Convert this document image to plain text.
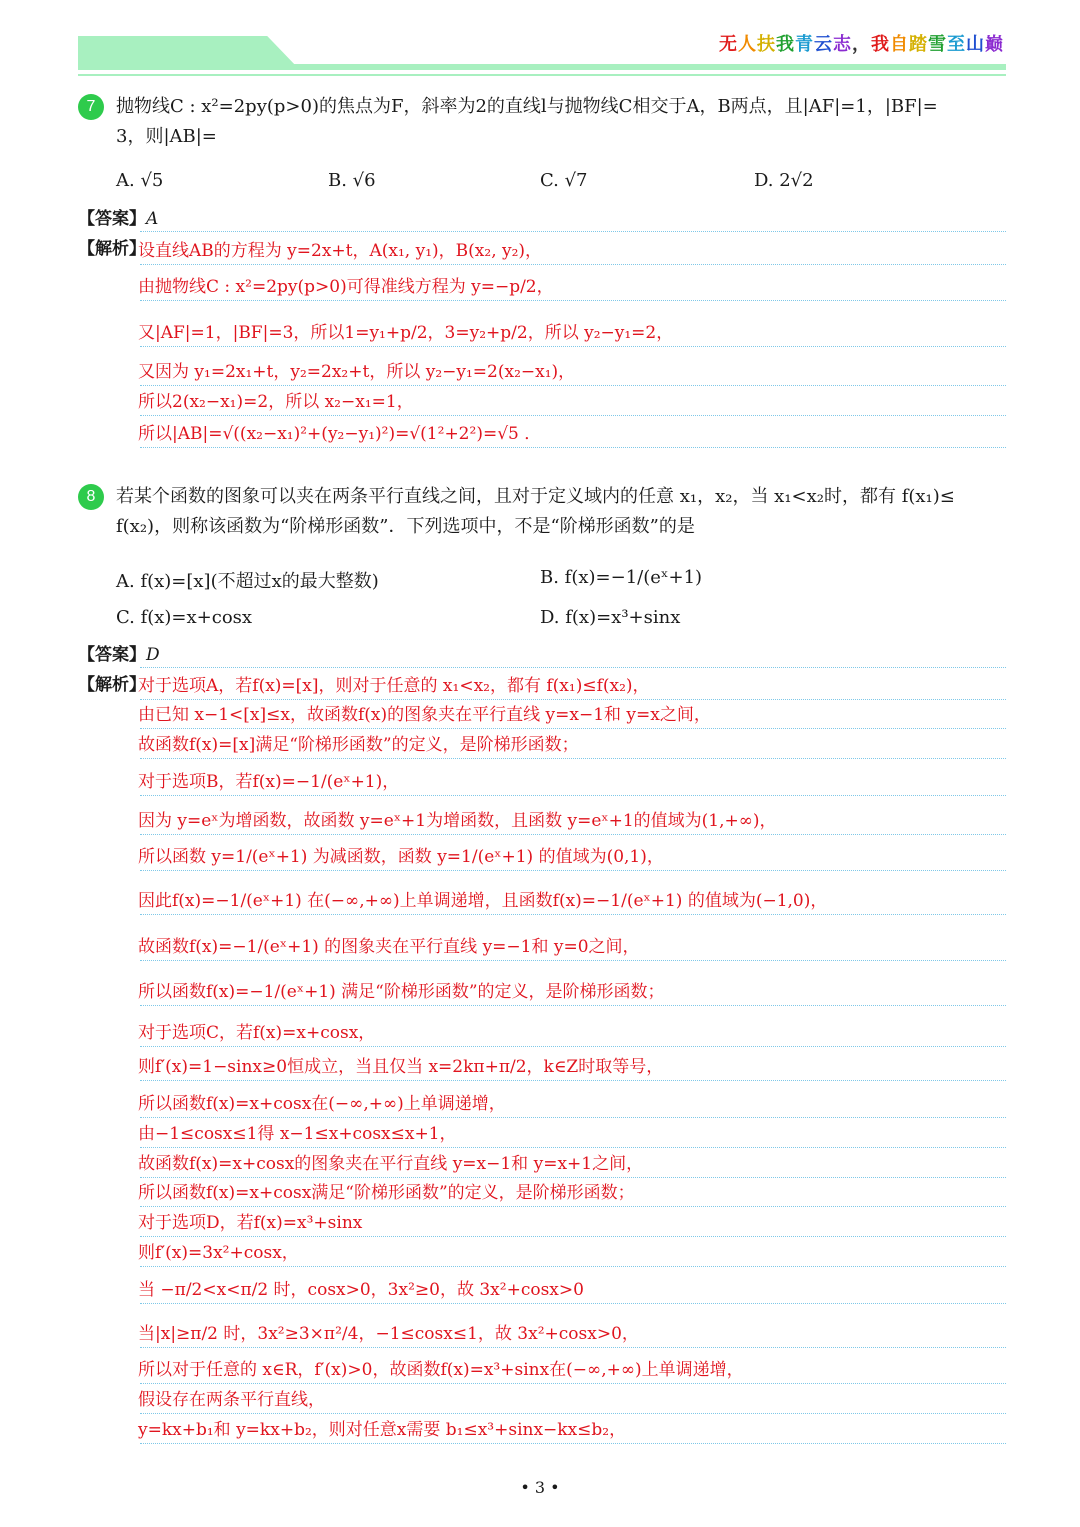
无人扶我青云志，我自踏雪至山巅
7	抛物线C : x²=2py(p>0)的焦点为F，斜率为2的直线l与抛物线C相交于A，B两点，且|AF|=1，|BF|=
3，则|AB|=
A. √5	B. √6	C. √7	D. 2√2
【答案】A
【解析】
设直线AB的方程为 y=2x+t，A(x₁, y₁)，B(x₂, y₂)，
由抛物线C : x²=2py(p>0)可得准线方程为 y=−p/2，
又|AF|=1，|BF|=3，所以1=y₁+p/2，3=y₂+p/2，所以 y₂−y₁=2，
又因为 y₁=2x₁+t，y₂=2x₂+t，所以 y₂−y₁=2(x₂−x₁)，
所以2(x₂−x₁)=2，所以 x₂−x₁=1，
所以|AB|=√((x₂−x₁)²+(y₂−y₁)²)=√(1²+2²)=√5 ．
8	若某个函数的图象可以夹在两条平行直线之间，且对于定义域内的任意 x₁，x₂，当 x₁<x₂时，都有 f(x₁)≤
f(x₂)，则称该函数为“阶梯形函数”．下列选项中，不是“阶梯形函数”的是
A. f(x)=[x](不超过x的最大整数)	B. f(x)=−1/(eˣ+1)
C. f(x)=x+cosx	D. f(x)=x³+sinx
【答案】D
【解析】
对于选项A，若f(x)=[x]，则对于任意的 x₁<x₂，都有 f(x₁)≤f(x₂)，
由已知 x−1<[x]≤x，故函数f(x)的图象夹在平行直线 y=x−1和 y=x之间，
故函数f(x)=[x]满足“阶梯形函数”的定义，是阶梯形函数；
对于选项B，若f(x)=−1/(eˣ+1)，
因为 y=eˣ为增函数，故函数 y=eˣ+1为增函数，且函数 y=eˣ+1的值域为(1,+∞)，
所以函数 y=1/(eˣ+1) 为减函数，函数 y=1/(eˣ+1) 的值域为(0,1)，
因此f(x)=−1/(eˣ+1) 在(−∞,+∞)上单调递增，且函数f(x)=−1/(eˣ+1) 的值域为(−1,0)，
故函数f(x)=−1/(eˣ+1) 的图象夹在平行直线 y=−1和 y=0之间，
所以函数f(x)=−1/(eˣ+1) 满足“阶梯形函数”的定义，是阶梯形函数；
对于选项C，若f(x)=x+cosx，
则f′(x)=1−sinx≥0恒成立，当且仅当 x=2kπ+π/2，k∈Z时取等号，
所以函数f(x)=x+cosx在(−∞,+∞)上单调递增，
由−1≤cosx≤1得 x−1≤x+cosx≤x+1，
故函数f(x)=x+cosx的图象夹在平行直线 y=x−1和 y=x+1之间，
所以函数f(x)=x+cosx满足“阶梯形函数”的定义，是阶梯形函数；
对于选项D，若f(x)=x³+sinx
则f′(x)=3x²+cosx，
当 −π/2<x<π/2 时，cosx>0，3x²≥0，故 3x²+cosx>0
当|x|≥π/2 时，3x²≥3×π²/4，−1≤cosx≤1，故 3x²+cosx>0，
所以对于任意的 x∈R，f′(x)>0，故函数f(x)=x³+sinx在(−∞,+∞)上单调递增，
假设存在两条平行直线，
y=kx+b₁和 y=kx+b₂，则对任意x需要 b₁≤x³+sinx−kx≤b₂，
• 3 •
